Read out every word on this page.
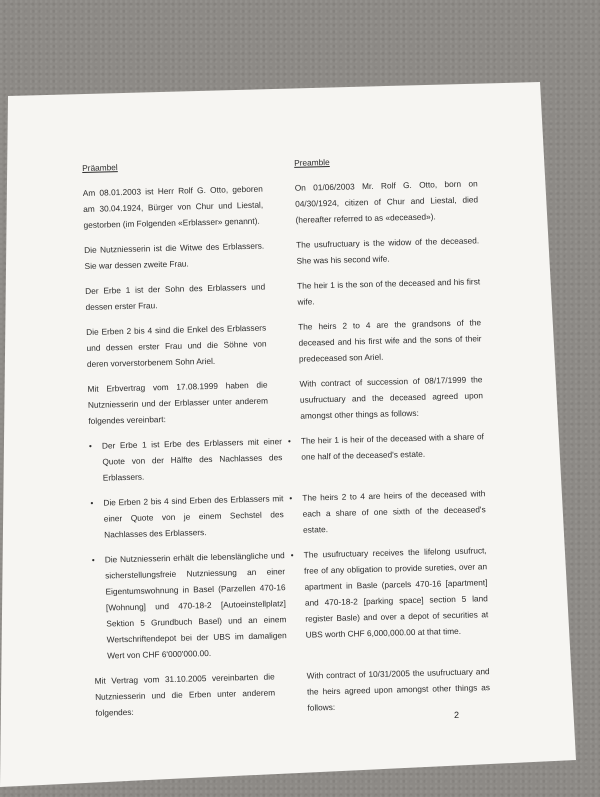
Präambel	Preamble
Am 08.01.2003 ist Herr Rolf G. Otto, geboren am 30.04.1924, Bürger von Chur und Liestal, gestorben (im Folgenden «Erblasser» genannt).
On 01/06/2003 Mr. Rolf G. Otto, born on 04/30/1924, citizen of Chur and Liestal, died (hereafter referred to as «deceased»).
Die Nutzniesserin ist die Witwe des Erblassers. Sie war dessen zweite Frau.
The usufructuary is the widow of the deceased. She was his second wife.
Der Erbe 1 ist der Sohn des Erblassers und dessen erster Frau.
The heir 1 is the son of the deceased and his first wife.
Die Erben 2 bis 4 sind die Enkel des Erblassers und dessen erster Frau und die Söhne von deren vorverstorbenem Sohn Ariel.
The heirs 2 to 4 are the grandsons of the deceased and his first wife and the sons of their predeceased son Ariel.
Mit Erbvertrag vom 17.08.1999 haben die Nutzniesserin und der Erblasser unter anderem folgendes vereinbart:
With contract of succession of 08/17/1999 the usufructuary and the deceased agreed upon amongst other things as follows:
• Der Erbe 1 ist Erbe des Erblassers mit einer Quote von der Hälfte des Nachlasses des Erblassers.
• The heir 1 is heir of the deceased with a share of one half of the deceased's estate.
• Die Erben 2 bis 4 sind Erben des Erblassers mit einer Quote von je einem Sechstel des Nachlasses des Erblassers.
• The heirs 2 to 4 are heirs of the deceased with each a share of one sixth of the deceased's estate.
• Die Nutzniesserin erhält die lebenslängliche und sicherstellungsfreie Nutzniessung an einer Eigentumswohnung in Basel (Parzellen 470-16 [Wohnung] und 470-18-2 [Autoeinstellplatz] Sektion 5 Grundbuch Basel) und an einem Wertschriftendepot bei der UBS im damaligen Wert von CHF 6'000'000.00.
• The usufructuary receives the lifelong usufruct, free of any obligation to provide sureties, over an apartment in Basle (parcels 470-16 [apartment] and 470-18-2 [parking space] section 5 land register Basle) and over a depot of securities at UBS worth CHF 6,000,000.00 at that time.
Mit Vertrag vom 31.10.2005 vereinbarten die Nutzniesserin und die Erben unter anderem folgendes:
With contract of 10/31/2005 the usufructuary and the heirs agreed upon amongst other things as follows:
2
